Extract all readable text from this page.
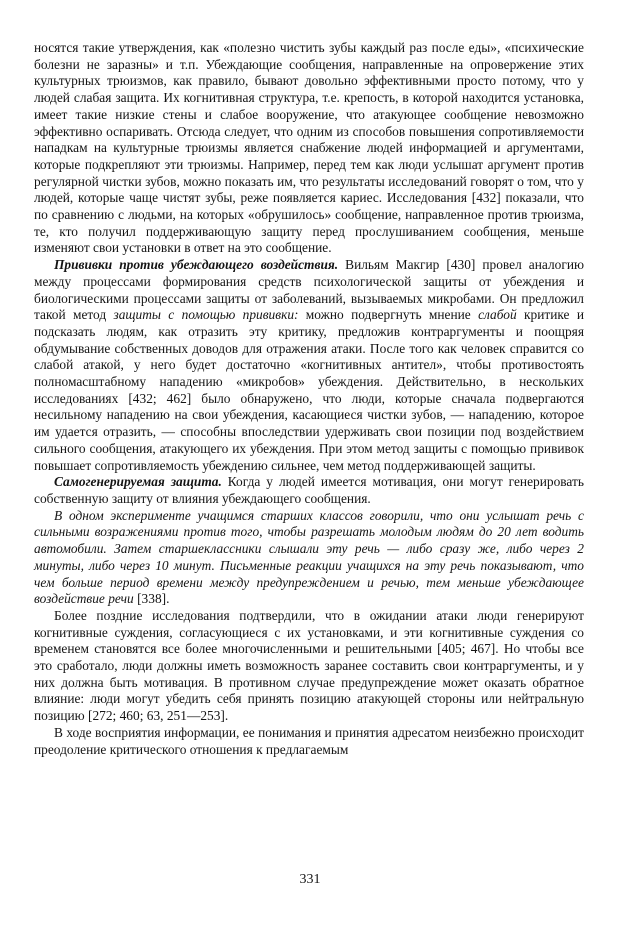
носятся такие утверждения, как «полезно чистить зубы каждый раз после еды», «психические болезни не заразны» и т.п. Убеждающие сообщения, направленные на опровержение этих культурных трюизмов, как правило, бывают довольно эффективными просто потому, что у людей слабая защита. Их когнитивная структура, т.е. крепость, в которой находится установка, имеет такие низкие стены и слабое вооружение, что атакующее сообщение невозможно эффективно оспаривать. Отсюда следует, что одним из способов повышения сопротивляемости нападкам на культурные трюизмы является снабжение людей информацией и аргументами, которые подкрепляют эти трюизмы. Например, перед тем как люди услышат аргумент против регулярной чистки зубов, можно показать им, что результаты исследований говорят о том, что у людей, которые чаще чистят зубы, реже появляется кариес. Исследования [432] показали, что по сравнению с людьми, на которых «обрушилось» сообщение, направленное против трюизма, те, кто получил поддерживающую защиту перед прослушиванием сообщения, меньше изменяют свои установки в ответ на это сообщение.

Прививки против убеждающего воздействия. Вильям Макгир [430] провел аналогию между процессами формирования средств психологической защиты от убеждения и биологическими процессами защиты от заболеваний, вызываемых микробами. Он предложил такой метод защиты с помощью прививки: можно подвергнуть мнение слабой критике и подсказать людям, как отразить эту критику, предложив контраргументы и поощряя обдумывание собственных доводов для отражения атаки. После того как человек справится со слабой атакой, у него будет достаточно «когнитивных антител», чтобы противостоять полномасштабному нападению «микробов» убеждения. Действительно, в нескольких исследованиях [432; 462] было обнаружено, что люди, которые сначала подвергаются несильному нападению на свои убеждения, касающиеся чистки зубов, — нападению, которое им удается отразить, — способны впоследствии удерживать свои позиции под воздействием сильного сообщения, атакующего их убеждения. При этом метод защиты с помощью прививок повышает сопротивляемость убеждению сильнее, чем метод поддерживающей защиты.

Самогенерируемая защита. Когда у людей имеется мотивация, они могут генерировать собственную защиту от влияния убеждающего сообщения.

В одном эксперименте учащимся старших классов говорили, что они услышат речь с сильными возражениями против того, чтобы разрешать молодым людям до 20 лет водить автомобили. Затем старшеклассники слышали эту речь — либо сразу же, либо через 2 минуты, либо через 10 минут. Письменные реакции учащихся на эту речь показывают, что чем больше период времени между предупреждением и речью, тем меньше убеждающее воздействие речи [338].

Более поздние исследования подтвердили, что в ожидании атаки люди генерируют когнитивные суждения, согласующиеся с их установками, и эти когнитивные суждения со временем становятся все более многочисленными и решительными [405; 467]. Но чтобы все это сработало, люди должны иметь возможность заранее составить свои контраргументы, и у них должна быть мотивация. В противном случае предупреждение может оказать обратное влияние: люди могут убедить себя принять позицию атакующей стороны или нейтральную позицию [272; 460; 63, 251—253].

В ходе восприятия информации, ее понимания и принятия адресатом неизбежно происходит преодоление критического отношения к предлагаемым

331
